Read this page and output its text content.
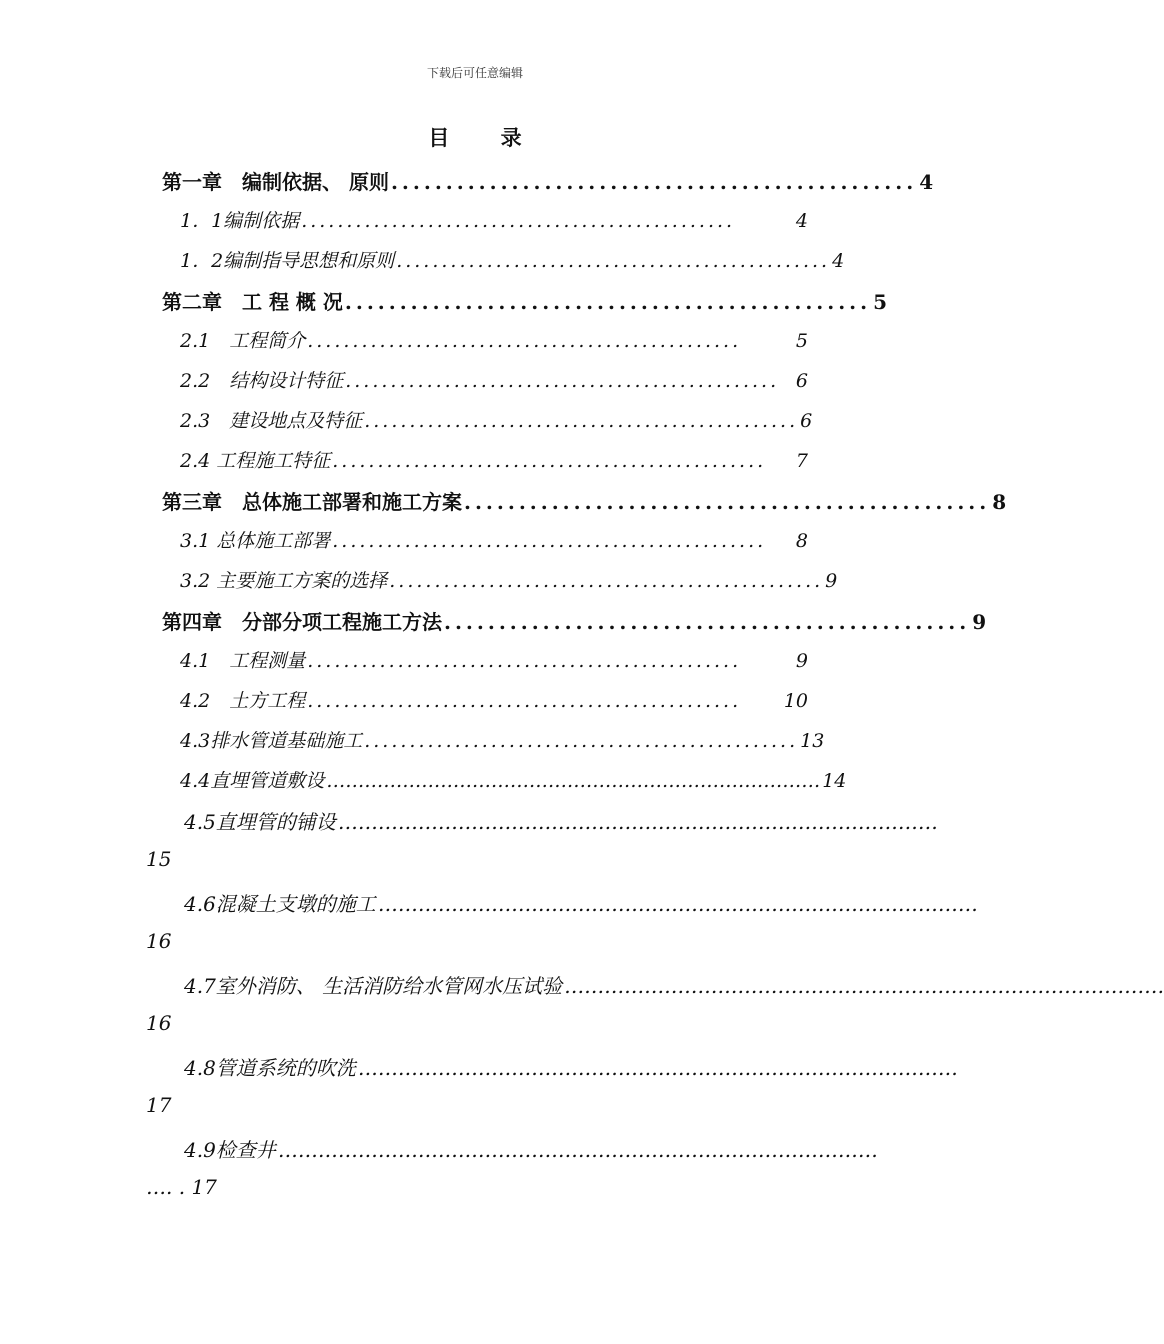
下载后可任意编辑
目 录
第一章　编制依据、 原则 ................................................ 4
1．1编制依据 ................................................	4
1．2编制指导思想和原则 ................................................ 4
第二章　工 程 概 况 ................................................ 5
2.1　工程简介 ................................................	5
2.2　结构设计特征 ................................................ 6
2.3　建设地点及特征 ................................................ 6
2.4 工程施工特征 ................................................	7
第三章　总体施工部署和施工方案 ................................................ 8
3.1 总体施工部署 ................................................	8
3.2 主要施工方案的选择 ................................................ 9
第四章　分部分项工程施工方法 ................................................ 9
4.1　工程测量 ................................................	9
4.2　土方工程 ................................................	10
4.3排水管道基础施工 ................................................ 13
4.4直埋管道敷设 …………………………………………………………………… 14
4.5直埋管的铺设 ………………………………………………………………………………
15
4.6混凝土支墩的施工 ………………………………………………………………………………
16
4.7室外消防、 生活消防给水管网水压试验 ………………………………………………………………………………
16
4.8管道系统的吹洗 ………………………………………………………………………………
17
4.9检查井 ………………………………………………………………………………
…. . 17
